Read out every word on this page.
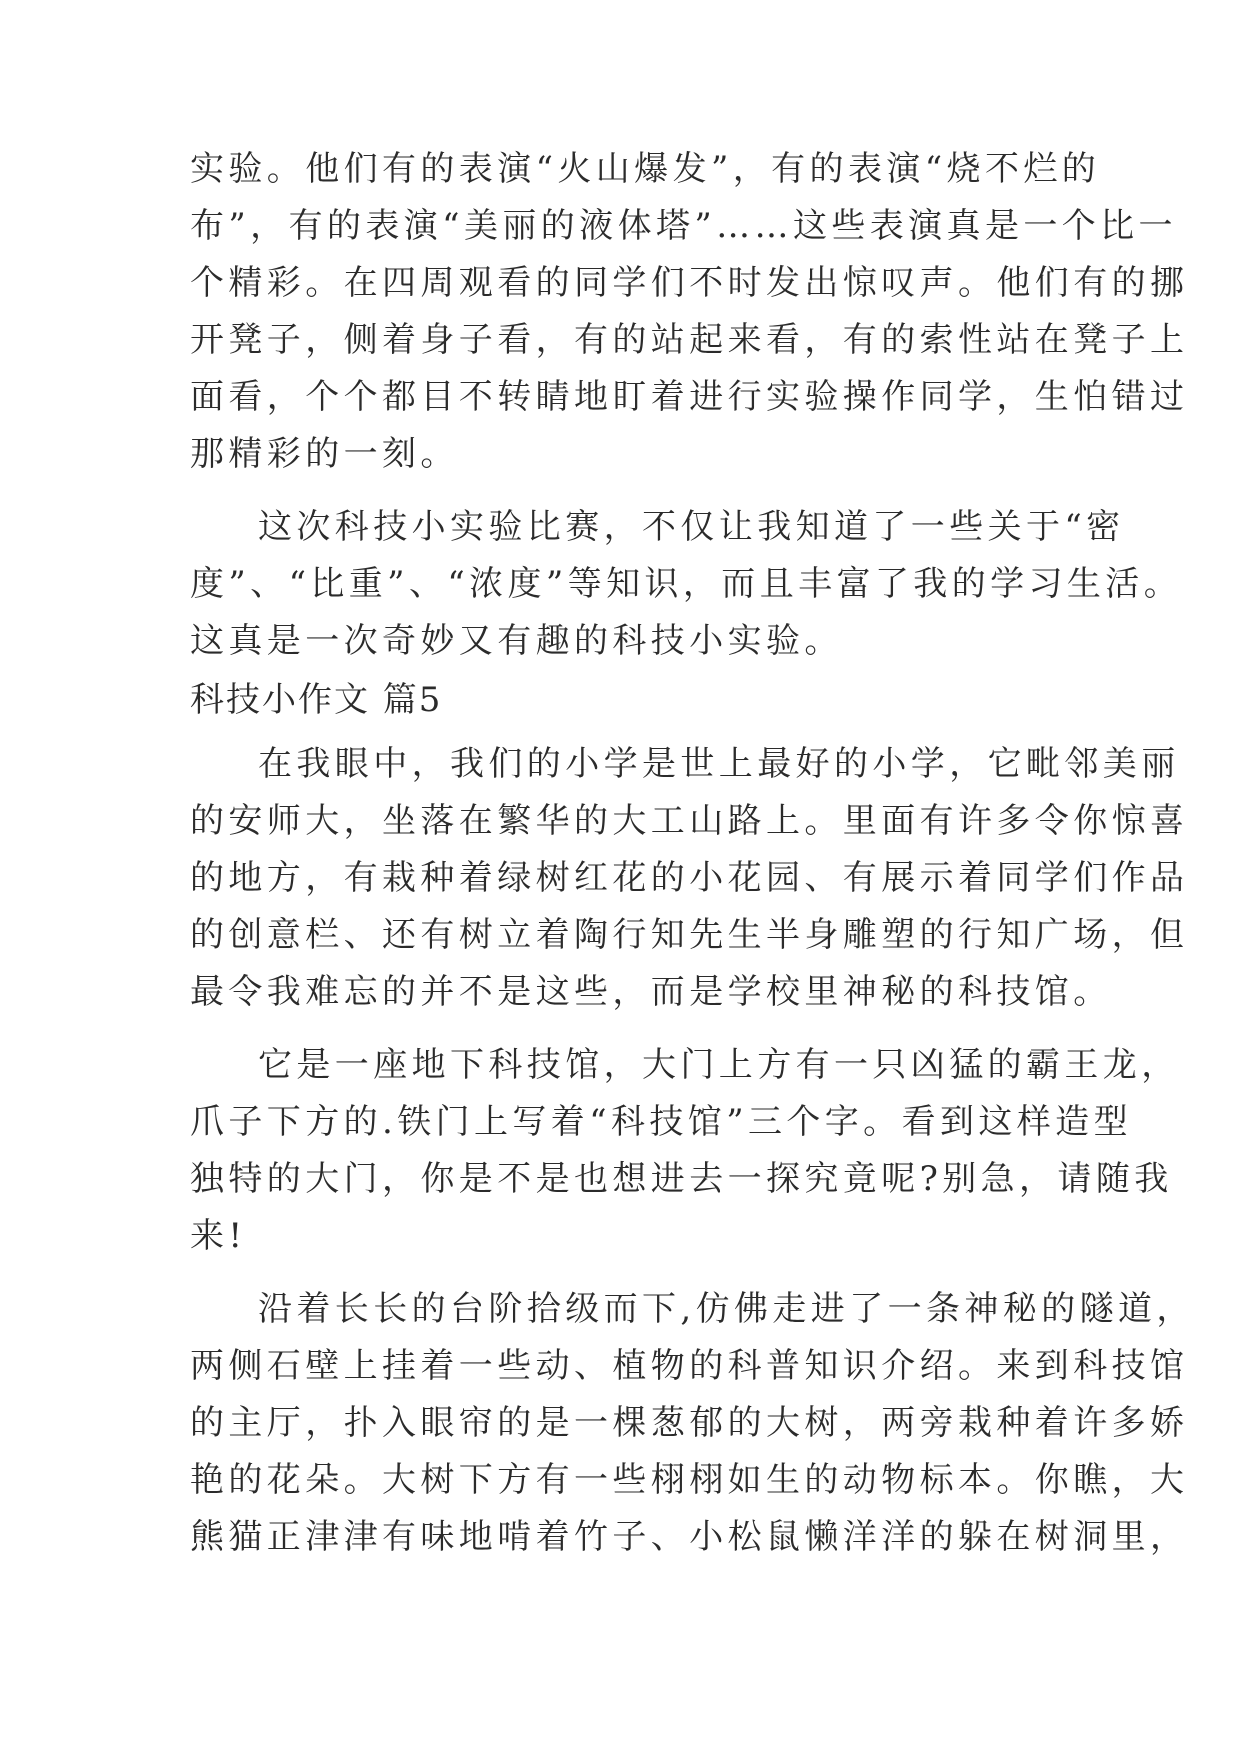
实验。他们有的表演“火山爆发”，有的表演“烧不烂的
布”，有的表演“美丽的液体塔”……这些表演真是一个比一
个精彩。在四周观看的同学们不时发出惊叹声。他们有的挪
开凳子，侧着身子看，有的站起来看，有的索性站在凳子上
面看，个个都目不转睛地盯着进行实验操作同学，生怕错过
那精彩的一刻。
这次科技小实验比赛，不仅让我知道了一些关于“密
度”、“比重”、“浓度”等知识，而且丰富了我的学习生活。
这真是一次奇妙又有趣的科技小实验。
科技小作文 篇5
在我眼中，我们的小学是世上最好的小学，它毗邻美丽
的安师大，坐落在繁华的大工山路上。里面有许多令你惊喜
的地方，有栽种着绿树红花的小花园、有展示着同学们作品
的创意栏、还有树立着陶行知先生半身雕塑的行知广场，但
最令我难忘的并不是这些，而是学校里神秘的科技馆。
它是一座地下科技馆，大门上方有一只凶猛的霸王龙，
爪子下方的.铁门上写着“科技馆”三个字。看到这样造型
独特的大门，你是不是也想进去一探究竟呢?别急，请随我
来!
沿着长长的台阶拾级而下,仿佛走进了一条神秘的隧道，
两侧石壁上挂着一些动、植物的科普知识介绍。来到科技馆
的主厅，扑入眼帘的是一棵葱郁的大树，两旁栽种着许多娇
艳的花朵。大树下方有一些栩栩如生的动物标本。你瞧，大
熊猫正津津有味地啃着竹子、小松鼠懒洋洋的躲在树洞里，
